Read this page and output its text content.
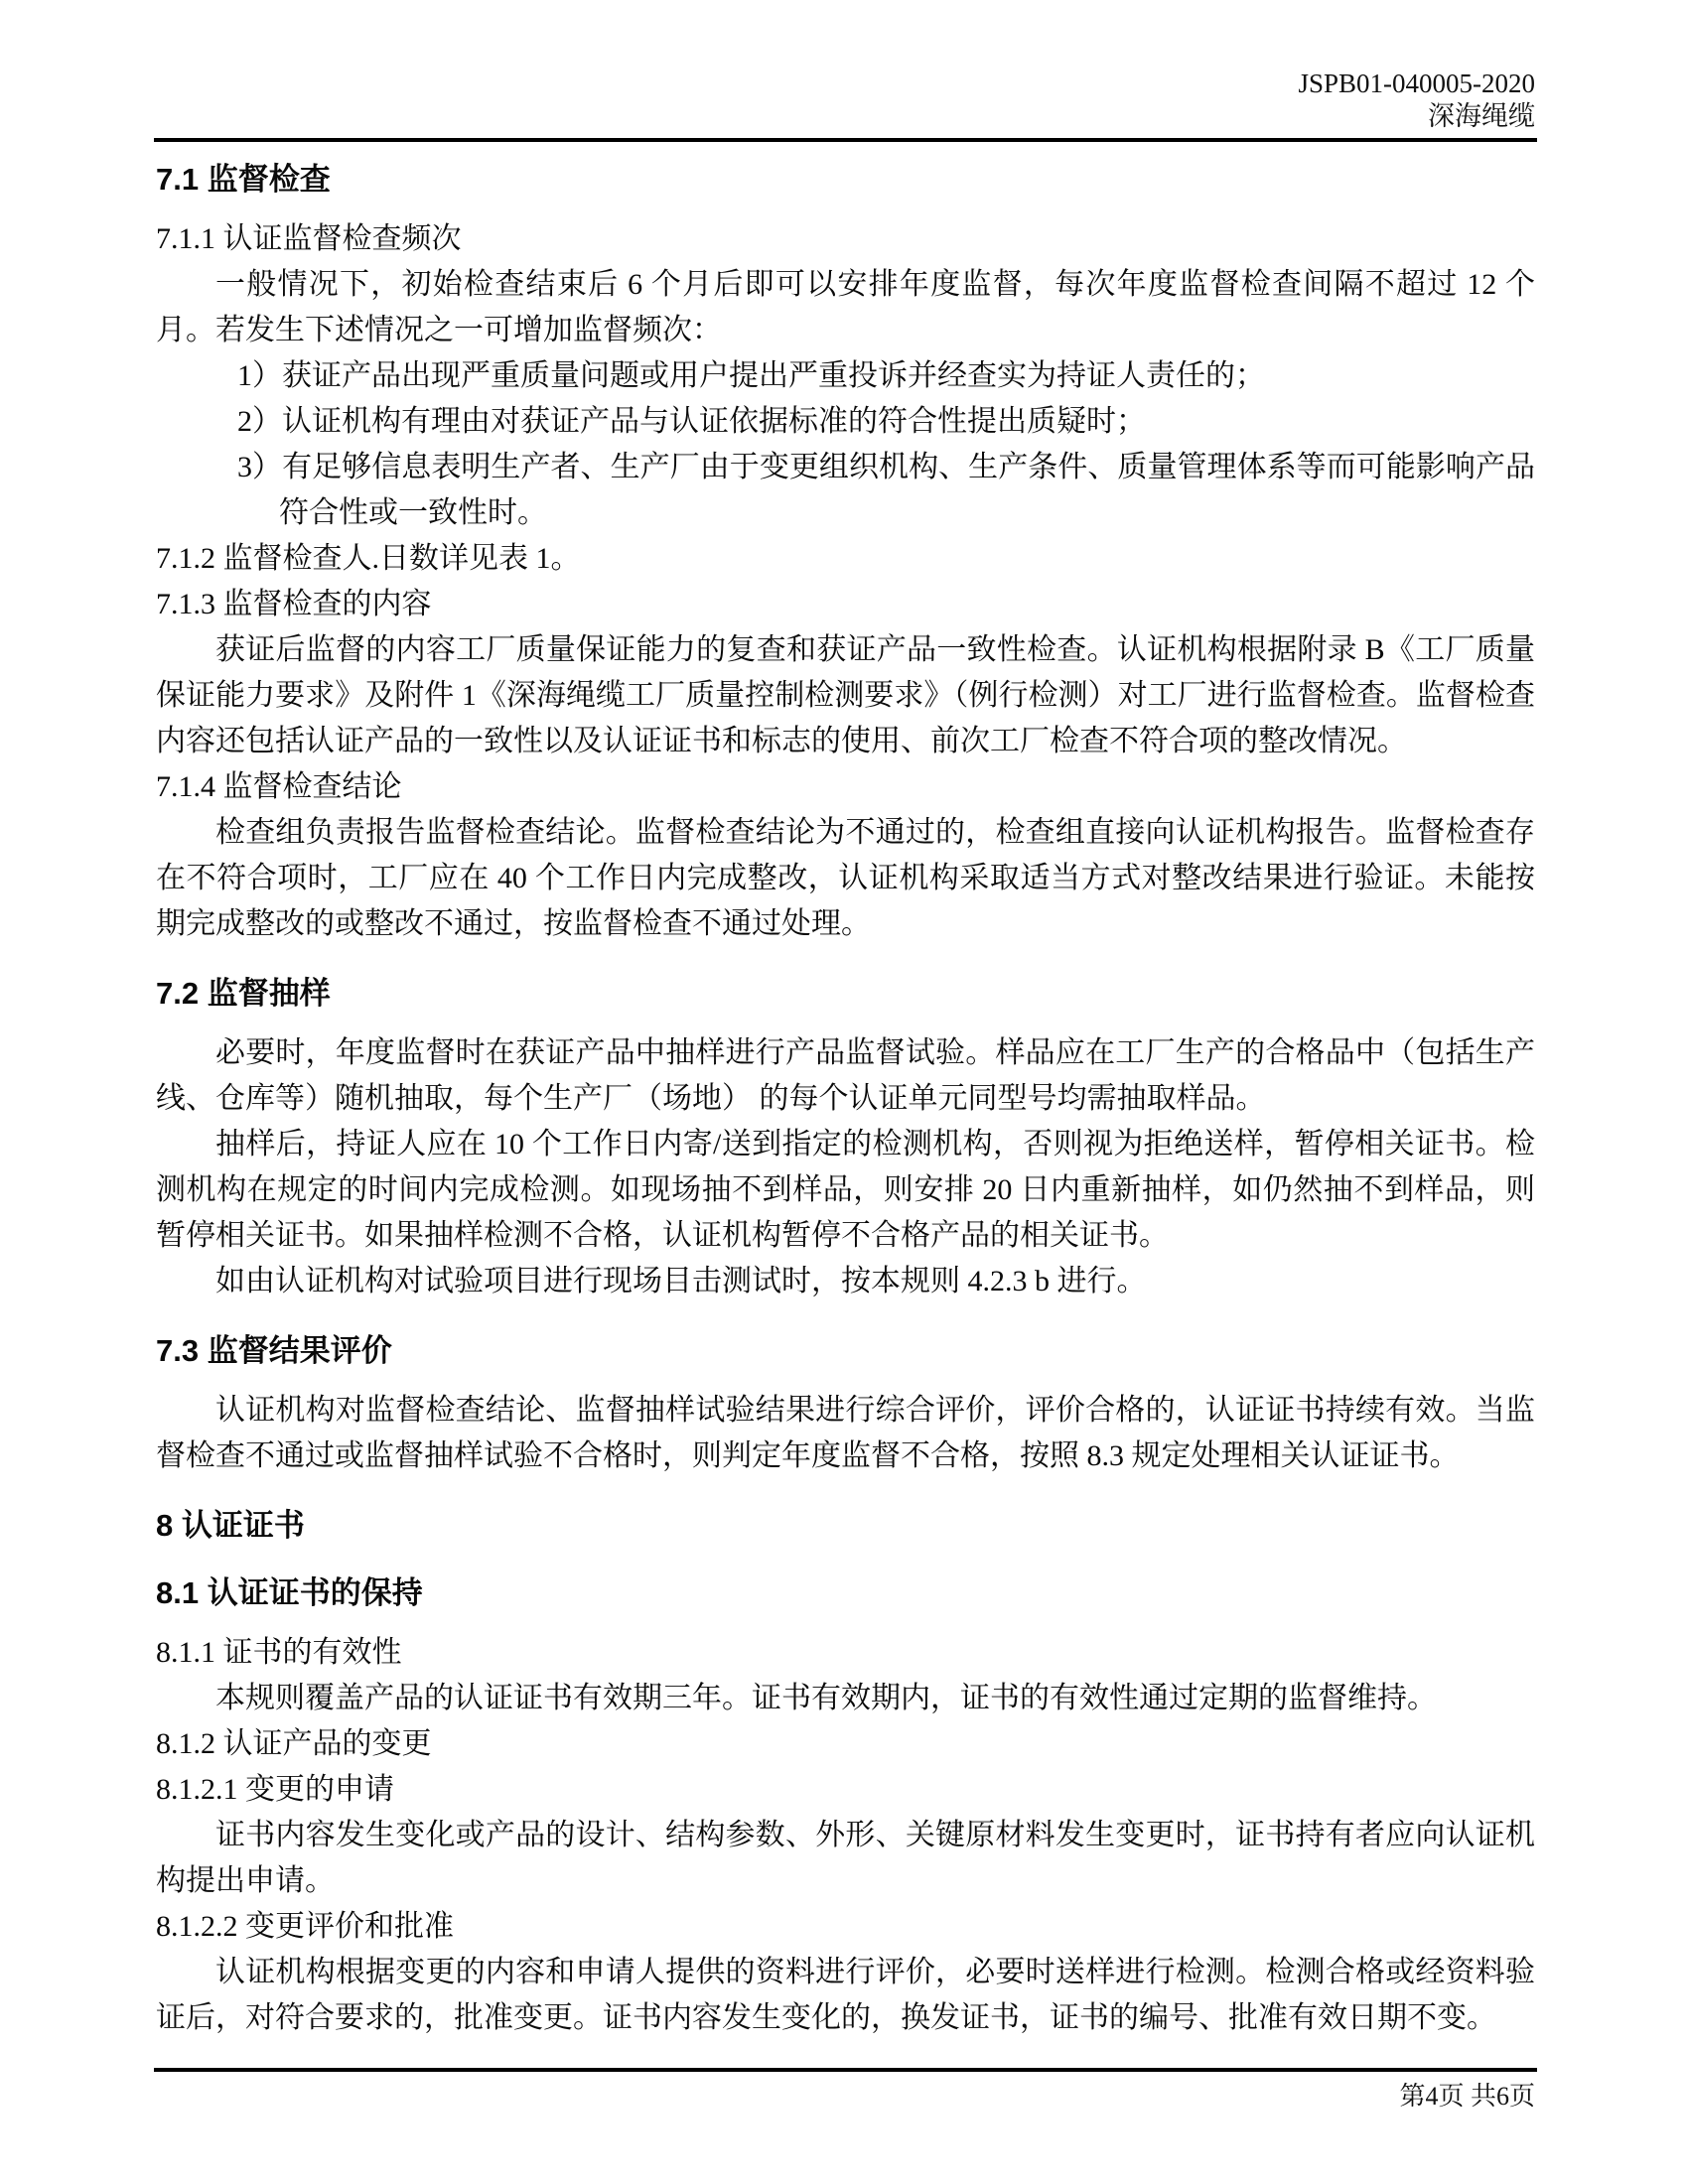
JSPB01-040005-2020
深海绳缆
7.1 监督检查
7.1.1 认证监督检查频次
一般情况下，初始检查结束后 6 个月后即可以安排年度监督，每次年度监督检查间隔不超过 12 个月。若发生下述情况之一可增加监督频次：
1）获证产品出现严重质量问题或用户提出严重投诉并经查实为持证人责任的；
2）认证机构有理由对获证产品与认证依据标准的符合性提出质疑时；
3）有足够信息表明生产者、生产厂由于变更组织机构、生产条件、质量管理体系等而可能影响产品符合性或一致性时。
7.1.2 监督检查人.日数详见表 1。
7.1.3 监督检查的内容
获证后监督的内容工厂质量保证能力的复查和获证产品一致性检查。认证机构根据附录 B《工厂质量保证能力要求》及附件 1《深海绳缆工厂质量控制检测要求》（例行检测）对工厂进行监督检查。监督检查内容还包括认证产品的一致性以及认证证书和标志的使用、前次工厂检查不符合项的整改情况。
7.1.4 监督检查结论
检查组负责报告监督检查结论。监督检查结论为不通过的，检查组直接向认证机构报告。监督检查存在不符合项时，工厂应在 40 个工作日内完成整改，认证机构采取适当方式对整改结果进行验证。未能按期完成整改的或整改不通过，按监督检查不通过处理。
7.2 监督抽样
必要时，年度监督时在获证产品中抽样进行产品监督试验。样品应在工厂生产的合格品中（包括生产线、仓库等）随机抽取，每个生产厂（场地） 的每个认证单元同型号均需抽取样品。
抽样后，持证人应在 10 个工作日内寄/送到指定的检测机构，否则视为拒绝送样，暂停相关证书。检测机构在规定的时间内完成检测。如现场抽不到样品，则安排 20 日内重新抽样，如仍然抽不到样品，则暂停相关证书。如果抽样检测不合格，认证机构暂停不合格产品的相关证书。
如由认证机构对试验项目进行现场目击测试时，按本规则 4.2.3 b 进行。
7.3 监督结果评价
认证机构对监督检查结论、监督抽样试验结果进行综合评价，评价合格的，认证证书持续有效。当监督检查不通过或监督抽样试验不合格时，则判定年度监督不合格，按照 8.3 规定处理相关认证证书。
8 认证证书
8.1 认证证书的保持
8.1.1 证书的有效性
本规则覆盖产品的认证证书有效期三年。证书有效期内，证书的有效性通过定期的监督维持。
8.1.2 认证产品的变更
8.1.2.1 变更的申请
证书内容发生变化或产品的设计、结构参数、外形、关键原材料发生变更时，证书持有者应向认证机构提出申请。
8.1.2.2 变更评价和批准
认证机构根据变更的内容和申请人提供的资料进行评价，必要时送样进行检测。检测合格或经资料验证后，对符合要求的，批准变更。证书内容发生变化的，换发证书，证书的编号、批准有效日期不变。
第4页 共6页
